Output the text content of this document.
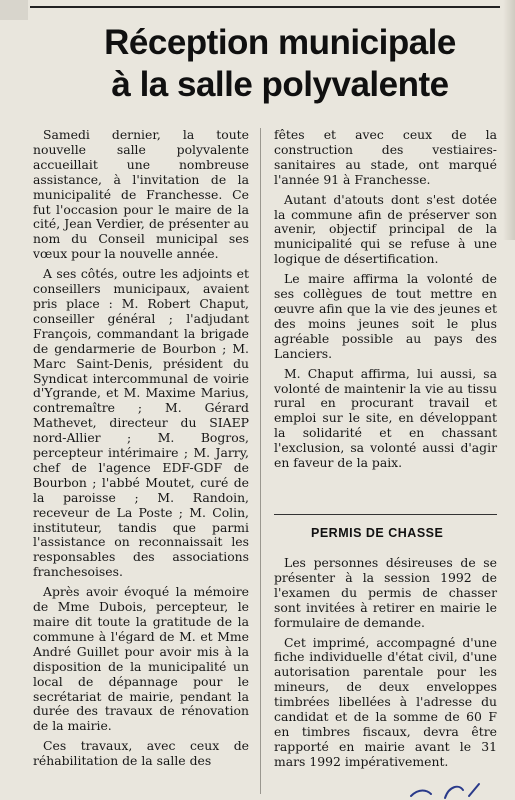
Réception municipale
à la salle polyvalente

Samedi dernier, la toute nouvelle salle polyvalente accueillait une nombreuse assistance, à l'invitation de la municipalité de Franchesse. Ce fut l'occasion pour le maire de la cité, Jean Verdier, de présenter au nom du Conseil municipal ses vœux pour la nouvelle année.

A ses côtés, outre les adjoints et conseillers municipaux, avaient pris place : M. Robert Chaput, conseiller général ; l'adjudant François, commandant la brigade de gendarmerie de Bourbon ; M. Marc Saint-Denis, président du Syndicat intercommunal de voirie d'Ygrande, et M. Maxime Marius, contremaître ; M. Gérard Mathevet, directeur du SIAEP nord-Allier ; M. Bogros, percepteur intérimaire ; M. Jarry, chef de l'agence EDF-GDF de Bourbon ; l'abbé Moutet, curé de la paroisse ; M. Randoin, receveur de La Poste ; M. Colin, instituteur, tandis que parmi l'assistance on reconnaissait les responsables des associations franchesoises.

Après avoir évoqué la mémoire de Mme Dubois, percepteur, le maire dit toute la gratitude de la commune à l'égard de M. et Mme André Guillet pour avoir mis à la disposition de la municipalité un local de dépannage pour le secrétariat de mairie, pendant la durée des travaux de rénovation de la mairie.

Ces travaux, avec ceux de réhabilitation de la salle des

fêtes et avec ceux de la construction des vestiaires-sanitaires au stade, ont marqué l'année 91 à Franchesse.

Autant d'atouts dont s'est dotée la commune afin de préserver son avenir, objectif principal de la municipalité qui se refuse à une logique de désertification.

Le maire affirma la volonté de ses collègues de tout mettre en œuvre afin que la vie des jeunes et des moins jeunes soit le plus agréable possible au pays des Lanciers.

M. Chaput affirma, lui aussi, sa volonté de maintenir la vie au tissu rural en procurant travail et emploi sur le site, en développant la solidarité et en chassant l'exclusion, sa volonté aussi d'agir en faveur de la paix.

PERMIS DE CHASSE

Les personnes désireuses de se présenter à la session 1992 de l'examen du permis de chasser sont invitées à retirer en mairie le formulaire de demande.

Cet imprimé, accompagné d'une fiche individuelle d'état civil, d'une autorisation parentale pour les mineurs, de deux enveloppes timbrées libellées à l'adresse du candidat et de la somme de 60 F en timbres fiscaux, devra être rapporté en mairie avant le 31 mars 1992 impérativement.
